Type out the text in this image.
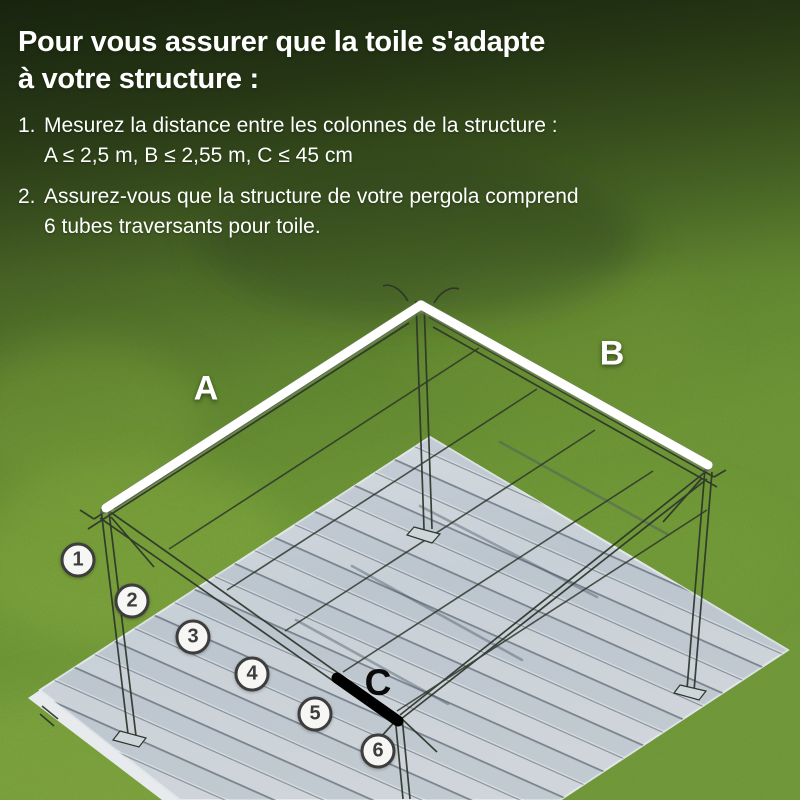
Pour vous assurer que la toile s'adapte
à votre structure :
1. Mesurez la distance entre les colonnes de la structure :
A ≤ 2,5 m, B ≤ 2,55 m, C ≤ 45 cm
2. Assurez-vous que la structure de votre pergola comprend
6 tubes traversants pour toile.
A
B
C
1
2
3
4
5
6
